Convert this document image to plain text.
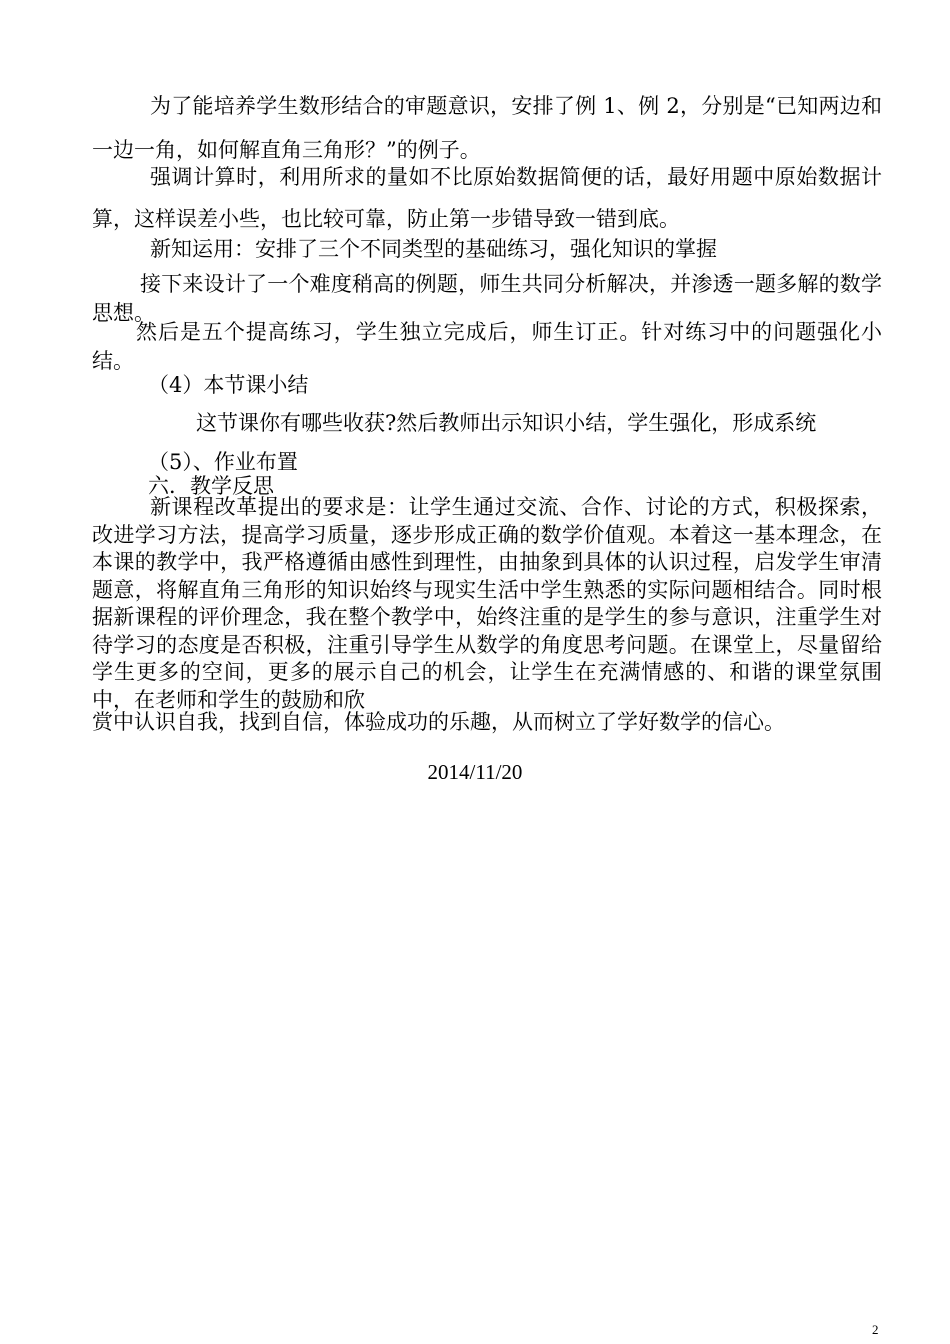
为了能培养学生数形结合的审题意识，安排了例 1、例 2，分别是“已知两边和一边一角，如何解直角三角形？”的例子。

强调计算时，利用所求的量如不比原始数据简便的话，最好用题中原始数据计算，这样误差小些，也比较可靠，防止第一步错导致一错到底。

新知运用：安排了三个不同类型的基础练习，强化知识的掌握

接下来设计了一个难度稍高的例题，师生共同分析解决，并渗透一题多解的数学思想。

然后是五个提高练习，学生独立完成后，师生订正。针对练习中的问题强化小结。

（4）本节课小结

这节课你有哪些收获?然后教师出示知识小结，学生强化，形成系统

（5）、作业布置

六．教学反思

新课程改革提出的要求是：让学生通过交流、合作、讨论的方式，积极探索，改进学习方法，提高学习质量，逐步形成正确的数学价值观。本着这一基本理念，在本课的教学中，我严格遵循由感性到理性，由抽象到具体的认识过程，启发学生审清题意，将解直角三角形的知识始终与现实生活中学生熟悉的实际问题相结合。同时根据新课程的评价理念，我在整个教学中，始终注重的是学生的参与意识，注重学生对待学习的态度是否积极，注重引导学生从数学的角度思考问题。在课堂上，尽量留给学生更多的空间，更多的展示自己的机会，让学生在充满情感的、和谐的课堂氛围中，在老师和学生的鼓励和欣

赏中认识自我，找到自信，体验成功的乐趣，从而树立了学好数学的信心。

2014/11/20
2
